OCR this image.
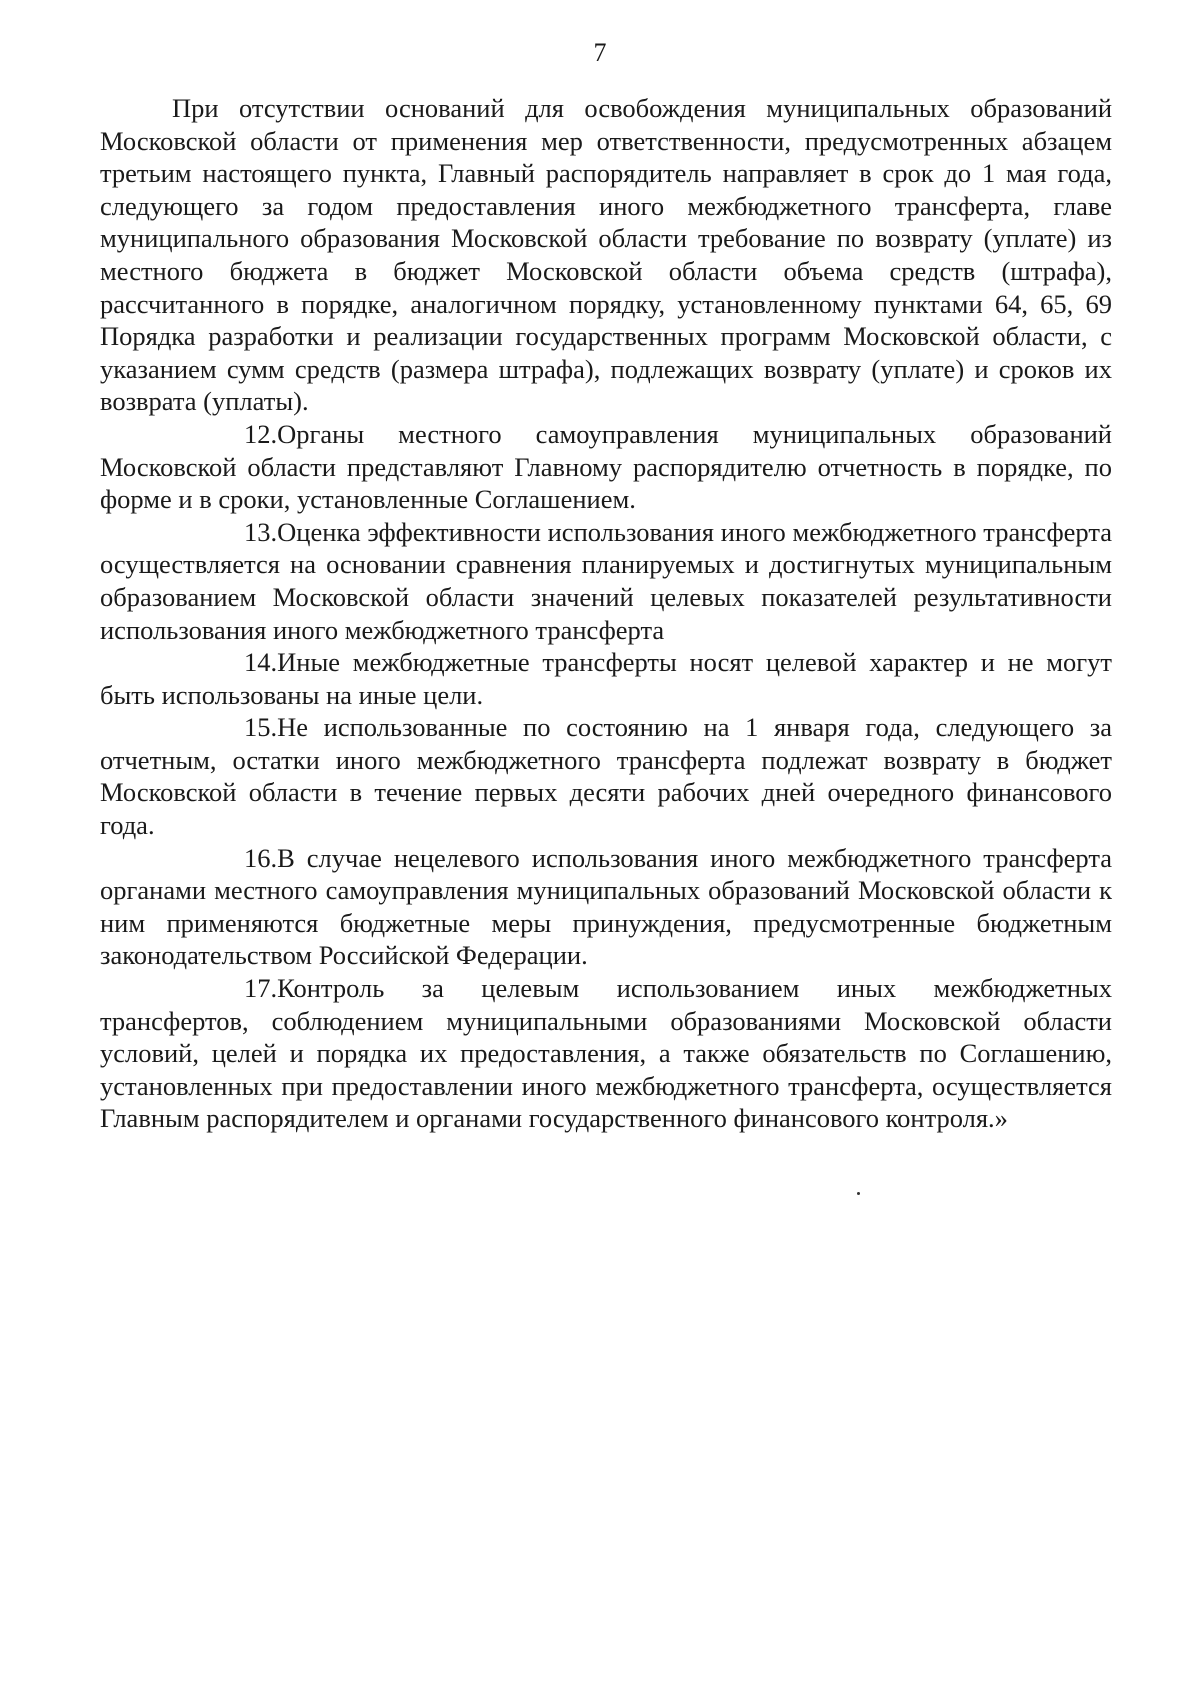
7

При отсутствии оснований для освобождения муниципальных образований Московской области от применения мер ответственности, предусмотренных абзацем третьим настоящего пункта, Главный распорядитель направляет в срок до 1 мая года, следующего за годом предоставления иного межбюджетного трансферта, главе муниципального образования Московской области требование по возврату (уплате) из местного бюджета в бюджет Московской области объема средств (штрафа), рассчитанного в порядке, аналогичном порядку, установленному пунктами 64, 65, 69 Порядка разработки и реализации государственных программ Московской области, с указанием сумм средств (размера штрафа), подлежащих возврату (уплате) и сроков их возврата (уплаты).

12.Органы местного самоуправления муниципальных образований Московской области представляют Главному распорядителю отчетность в порядке, по форме и в сроки, установленные Соглашением.

13.Оценка эффективности использования иного межбюджетного трансферта осуществляется на основании сравнения планируемых и достигнутых муниципальным образованием Московской области значений целевых показателей результативности использования иного межбюджетного трансферта

14.Иные межбюджетные трансферты носят целевой характер и не могут быть использованы на иные цели.

15.Не использованные по состоянию на 1 января года, следующего за отчетным, остатки иного межбюджетного трансферта подлежат возврату в бюджет Московской области в течение первых десяти рабочих дней очередного финансового года.

16.В случае нецелевого использования иного межбюджетного трансферта органами местного самоуправления муниципальных образований Московской области к ним применяются бюджетные меры принуждения, предусмотренные бюджетным законодательством Российской Федерации.

17.Контроль за целевым использованием иных межбюджетных трансфертов, соблюдением муниципальными образованиями Московской области условий, целей и порядка их предоставления, а также обязательств по Соглашению, установленных при предоставлении иного межбюджетного трансферта, осуществляется Главным распорядителем и органами государственного финансового контроля.»
